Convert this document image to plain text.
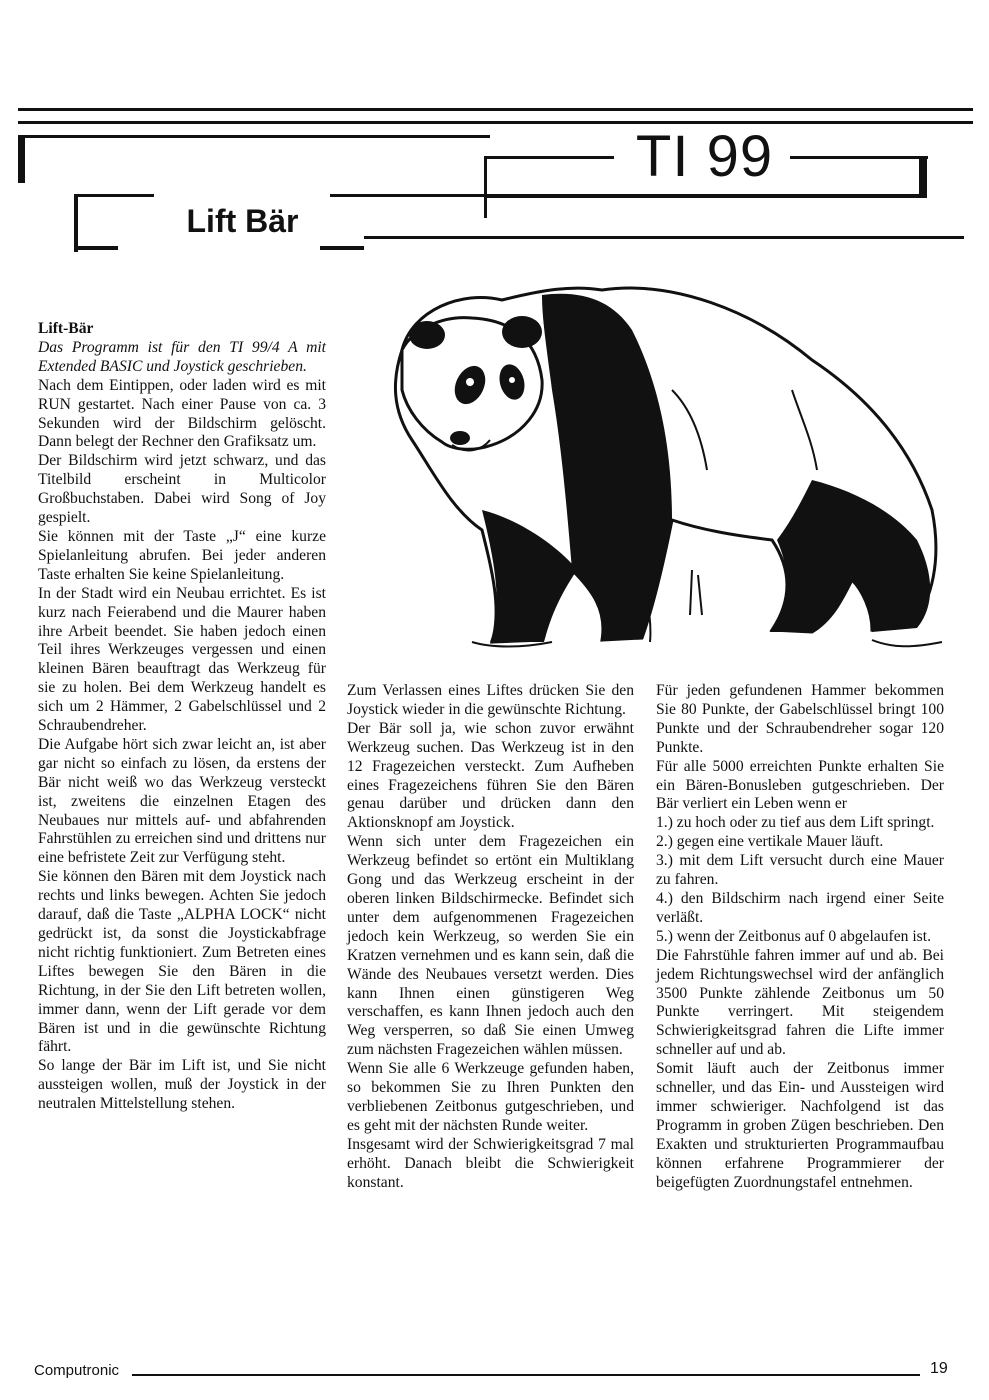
TI 99
Lift Bär

Lift-Bär

Das Programm ist für den TI 99/4 A mit Extended BASIC und Joystick geschrieben.

Nach dem Eintippen, oder laden wird es mit RUN gestartet. Nach einer Pause von ca. 3 Sekunden wird der Bildschirm gelöscht. Dann belegt der Rechner den Grafiksatz um.

Der Bildschirm wird jetzt schwarz, und das Titelbild erscheint in Multicolor Großbuchstaben. Dabei wird Song of Joy gespielt.

Sie können mit der Taste „J“ eine kurze Spielanleitung abrufen. Bei jeder anderen Taste erhalten Sie keine Spielanleitung.

In der Stadt wird ein Neubau errichtet. Es ist kurz nach Feierabend und die Maurer haben ihre Arbeit beendet. Sie haben jedoch einen Teil ihres Werkzeuges vergessen und einen kleinen Bären beauftragt das Werkzeug für sie zu holen. Bei dem Werkzeug handelt es sich um 2 Hämmer, 2 Gabelschlüssel und 2 Schraubendreher.

Die Aufgabe hört sich zwar leicht an, ist aber gar nicht so einfach zu lösen, da erstens der Bär nicht weiß wo das Werkzeug versteckt ist, zweitens die einzelnen Etagen des Neubaues nur mittels auf- und abfahrenden Fahrstühlen zu erreichen sind und drittens nur eine befristete Zeit zur Verfügung steht.

Sie können den Bären mit dem Joystick nach rechts und links bewegen. Achten Sie jedoch darauf, daß die Taste „ALPHA LOCK“ nicht gedrückt ist, da sonst die Joystickabfrage nicht richtig funktioniert. Zum Betreten eines Liftes bewegen Sie den Bären in die Richtung, in der Sie den Lift betreten wollen, immer dann, wenn der Lift gerade vor dem Bären ist und in die gewünschte Richtung fährt.

So lange der Bär im Lift ist, und Sie nicht aussteigen wollen, muß der Joystick in der neutralen Mittelstellung stehen.

Zum Verlassen eines Liftes drücken Sie den Joystick wieder in die gewünschte Richtung.

Der Bär soll ja, wie schon zuvor erwähnt Werkzeug suchen. Das Werkzeug ist in den 12 Fragezeichen versteckt. Zum Aufheben eines Fragezeichens führen Sie den Bären genau darüber und drücken dann den Aktionsknopf am Joystick.

Wenn sich unter dem Fragezeichen ein Werkzeug befindet so ertönt ein Multiklang Gong und das Werkzeug erscheint in der oberen linken Bildschirmecke. Befindet sich unter dem aufgenommenen Fragezeichen jedoch kein Werkzeug, so werden Sie ein Kratzen vernehmen und es kann sein, daß die Wände des Neubaues versetzt werden. Dies kann Ihnen einen günstigeren Weg verschaffen, es kann Ihnen jedoch auch den Weg versperren, so daß Sie einen Umweg zum nächsten Fragezeichen wählen müssen.

Wenn Sie alle 6 Werkzeuge gefunden haben, so bekommen Sie zu Ihren Punkten den verbliebenen Zeitbonus gutgeschrieben, und es geht mit der nächsten Runde weiter.

Insgesamt wird der Schwierigkeitsgrad 7 mal erhöht. Danach bleibt die Schwierigkeit konstant.

Für jeden gefundenen Hammer bekommen Sie 80 Punkte, der Gabelschlüssel bringt 100 Punkte und der Schraubendreher sogar 120 Punkte.

Für alle 5000 erreichten Punkte erhalten Sie ein Bären-Bonusleben gutgeschrieben. Der Bär verliert ein Leben wenn er

1.) zu hoch oder zu tief aus dem Lift springt.

2.) gegen eine vertikale Mauer läuft.

3.) mit dem Lift versucht durch eine Mauer zu fahren.

4.) den Bildschirm nach irgend einer Seite verläßt.

5.) wenn der Zeitbonus auf 0 abgelaufen ist.

Die Fahrstühle fahren immer auf und ab. Bei jedem Richtungswechsel wird der anfänglich 3500 Punkte zählende Zeitbonus um 50 Punkte verringert. Mit steigendem Schwierigkeitsgrad fahren die Lifte immer schneller auf und ab.

Somit läuft auch der Zeitbonus immer schneller, und das Ein- und Aussteigen wird immer schwieriger. Nachfolgend ist das Programm in groben Zügen beschrieben. Den Exakten und strukturierten Programmaufbau können erfahrene Programmierer der beigefügten Zuordnungstafel entnehmen.

Computronic	19
